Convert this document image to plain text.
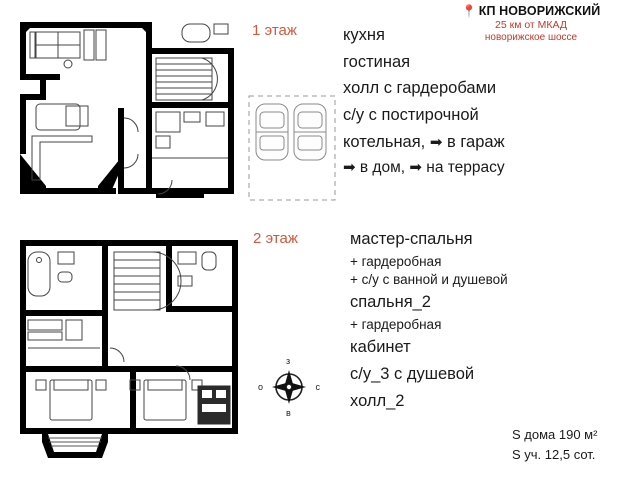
📍 КП НОВОРИЖСКИЙ
25 км от МКАД
новорижское шоссе
1 этаж
2 этаж
кухня
гостиная
холл с гардеробами
с/у с постирочной
котельная, ➡ в гараж
➡ в дом, ➡ на террасу
мастер-спальня
+ гардеробная
+ с/у с ванной и душевой
спальня_2
+ гардеробная
кабинет
с/у_3 с душевой
холл_2
з
с
о
в
S дома 190 м²
S уч. 12,5 сот.
